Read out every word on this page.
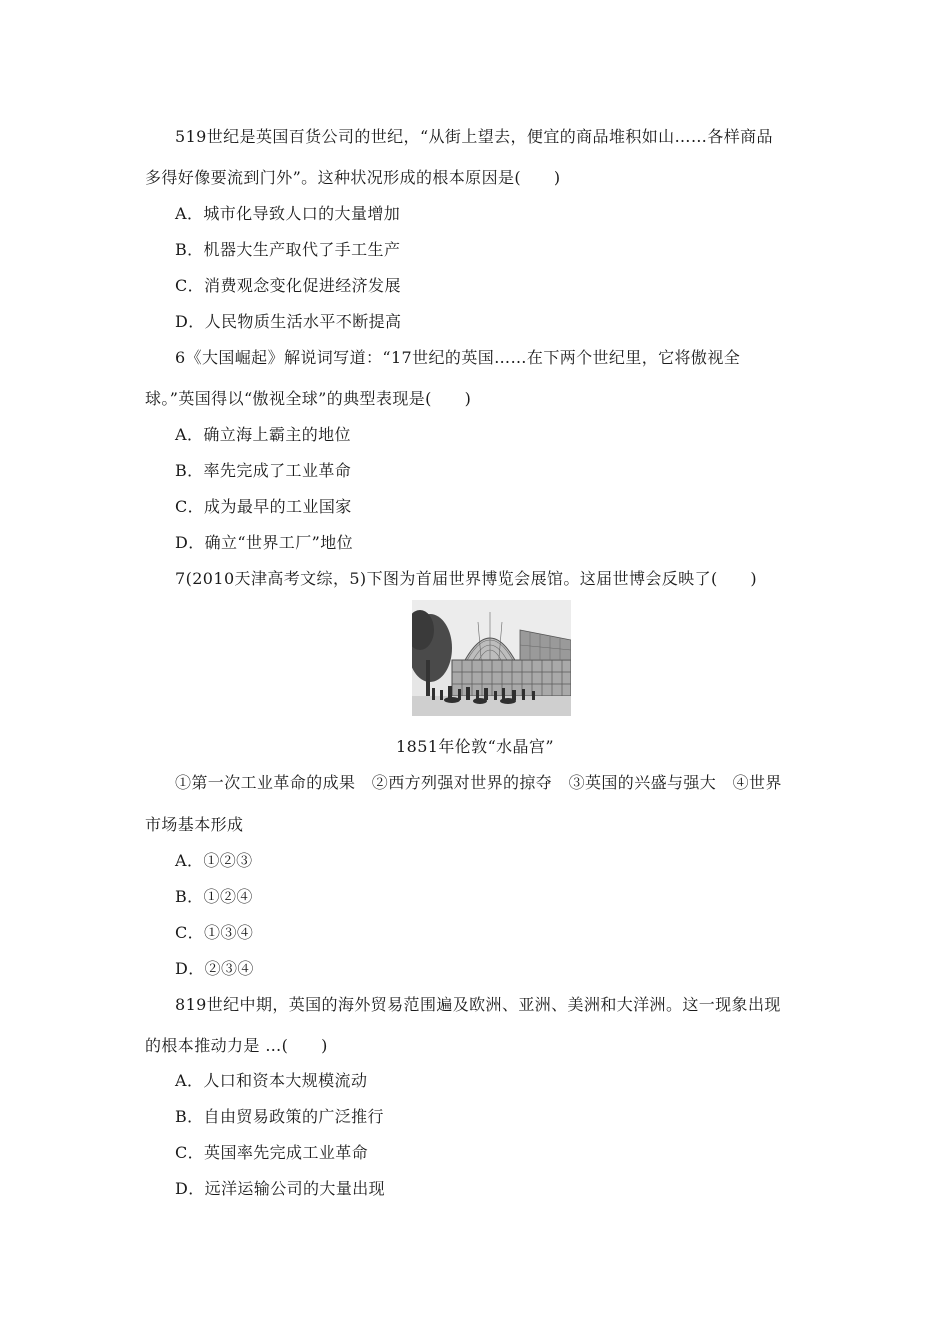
519世纪是英国百货公司的世纪，“从街上望去，便宜的商品堆积如山……各样商品
多得好像要流到门外”。这种状况形成的根本原因是(　　)
A．城市化导致人口的大量增加
B．机器大生产取代了手工生产
C．消费观念变化促进经济发展
D．人民物质生活水平不断提高
6《大国崛起》解说词写道：“17世纪的英国……在下两个世纪里，它将傲视全
球。”英国得以“傲视全球”的典型表现是(　　)
A．确立海上霸主的地位
B．率先完成了工业革命
C．成为最早的工业国家
D．确立“世界工厂”地位
7(2010天津高考文综，5)下图为首届世界博览会展馆。这届世博会反映了(　　)
1851年伦敦“水晶宫”
①第一次工业革命的成果　②西方列强对世界的掠夺　③英国的兴盛与强大　④世界
市场基本形成
A．①②③
B．①②④
C．①③④
D．②③④
819世纪中期，英国的海外贸易范围遍及欧洲、亚洲、美洲和大洋洲。这一现象出现
的根本推动力是 …(　　)
A．人口和资本大规模流动
B．自由贸易政策的广泛推行
C．英国率先完成工业革命
D．远洋运输公司的大量出现
